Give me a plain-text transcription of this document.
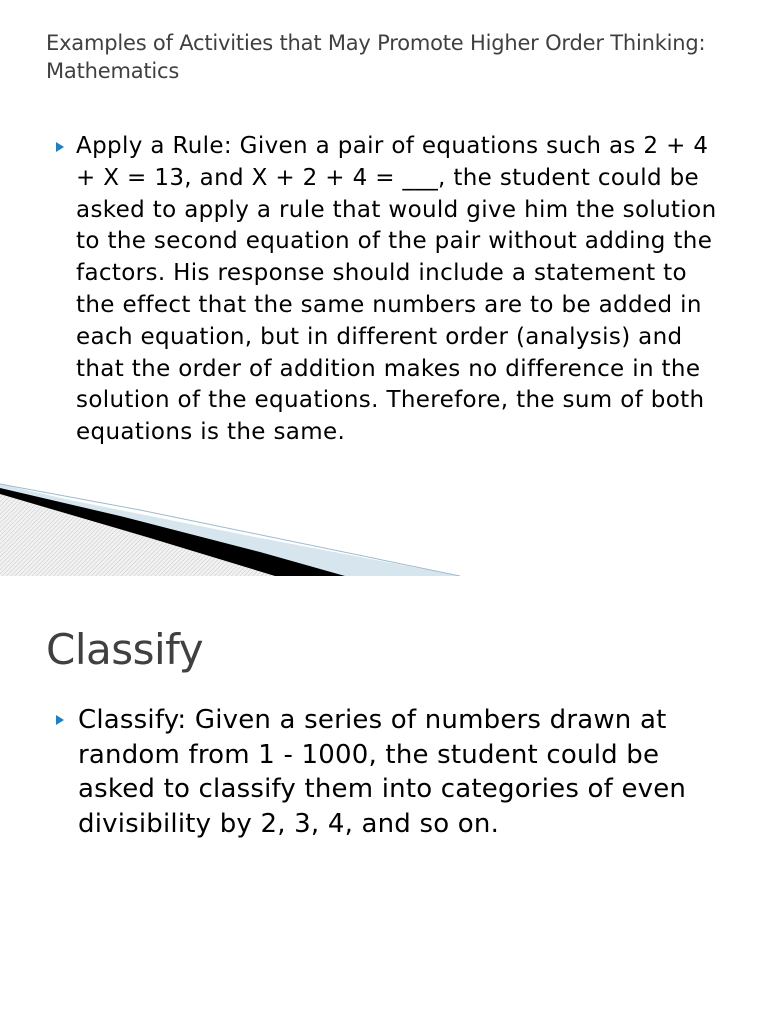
Examples of Activities that May Promote Higher Order Thinking: Mathematics

Apply a Rule: Given a pair of equations such as 2 + 4 + X = 13, and X + 2 + 4 = ___, the student could be asked to apply a rule that would give him the solution to the second equation of the pair without adding the factors. His response should include a statement to the effect that the same numbers are to be added in each equation, but in different order (analysis) and that the order of addition makes no difference in the solution of the equations. Therefore, the sum of both equations is the same.

Classify

Classify: Given a series of numbers drawn at random from 1 - 1000, the student could be asked to classify them into categories of even divisibility by 2, 3, 4, and so on.
